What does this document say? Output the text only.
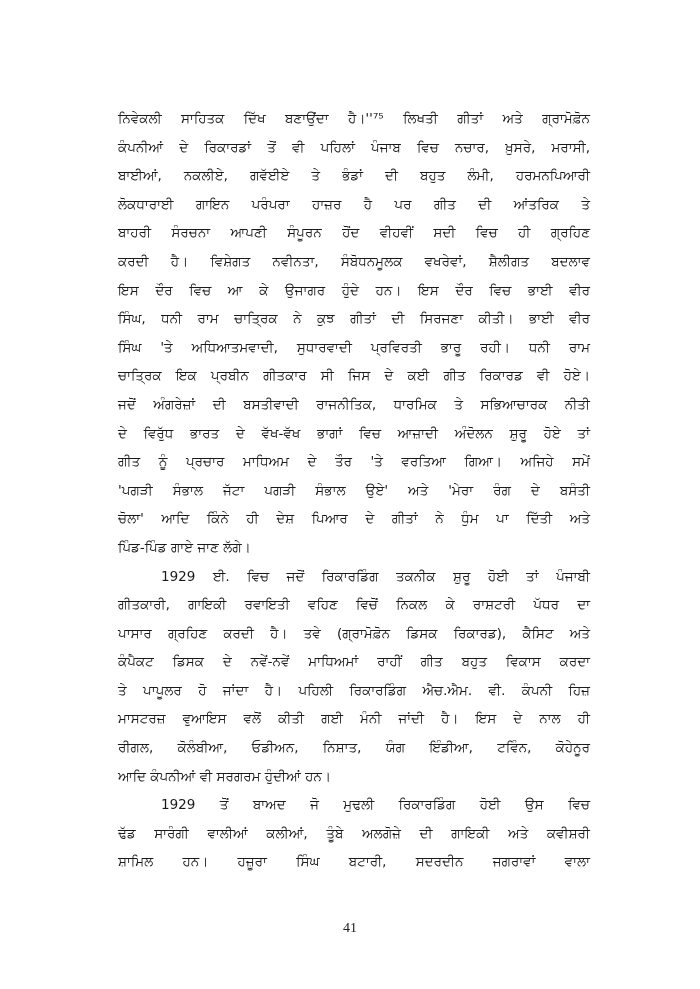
ਨਿਵੇਕਲੀ ਸਾਹਿਤਕ ਦਿੱਖ ਬਣਾਉਂਦਾ ਹੈ।''⁷⁵ ਲਿਖਤੀ ਗੀਤਾਂ ਅਤੇ ਗ੍ਰਾਮੋਫ਼ੋਨ
ਕੰਪਨੀਆਂ ਦੇ ਰਿਕਾਰਡਾਂ ਤੋਂ ਵੀ ਪਹਿਲਾਂ ਪੰਜਾਬ ਵਿਚ ਨਚਾਰ, ਖ਼ੁਸਰੇ, ਮਰਾਸੀ,
ਬਾਈਆਂ, ਨਕਲੀਏ, ਗਵੱਈਏ ਤੇ ਭੰਡਾਂ ਦੀ ਬਹੁਤ ਲੰਮੀ, ਹਰਮਨਪਿਆਰੀ
ਲੋਕਧਾਰਾਈ ਗਾਇਨ ਪਰੰਪਰਾ ਹਾਜ਼ਰ ਹੈ ਪਰ ਗੀਤ ਦੀ ਆਂਤਰਿਕ ਤੇ
ਬਾਹਰੀ ਸੰਰਚਨਾ ਆਪਣੀ ਸੰਪੂਰਨ ਹੋਂਦ ਵੀਹਵੀਂ ਸਦੀ ਵਿਚ ਹੀ ਗ੍ਰਹਿਣ
ਕਰਦੀ ਹੈ। ਵਿਸ਼ੇਗਤ ਨਵੀਨਤਾ, ਸੰਬੋਧਨਮੂਲਕ ਵਖਰੇਵਾਂ, ਸ਼ੈਲੀਗਤ ਬਦਲਾਵ
ਇਸ ਦੌਰ ਵਿਚ ਆ ਕੇ ਉਜਾਗਰ ਹੁੰਦੇ ਹਨ। ਇਸ ਦੌਰ ਵਿਚ ਭਾਈ ਵੀਰ
ਸਿੰਘ, ਧਨੀ ਰਾਮ ਚਾਤ੍ਰਿਕ ਨੇ ਕੁਝ ਗੀਤਾਂ ਦੀ ਸਿਰਜਣਾ ਕੀਤੀ। ਭਾਈ ਵੀਰ
ਸਿੰਘ 'ਤੇ ਅਧਿਆਤਮਵਾਦੀ, ਸੁਧਾਰਵਾਦੀ ਪ੍ਰਵਿਰਤੀ ਭਾਰੂ ਰਹੀ। ਧਨੀ ਰਾਮ
ਚਾਤ੍ਰਿਕ ਇਕ ਪ੍ਰਬੀਨ ਗੀਤਕਾਰ ਸੀ ਜਿਸ ਦੇ ਕਈ ਗੀਤ ਰਿਕਾਰਡ ਵੀ ਹੋਏ।
ਜਦੋਂ ਅੰਗਰੇਜ਼ਾਂ ਦੀ ਬਸਤੀਵਾਦੀ ਰਾਜਨੀਤਿਕ, ਧਾਰਮਿਕ ਤੇ ਸਭਿਆਚਾਰਕ ਨੀਤੀ
ਦੇ ਵਿਰੁੱਧ ਭਾਰਤ ਦੇ ਵੱਖ-ਵੱਖ ਭਾਗਾਂ ਵਿਚ ਆਜ਼ਾਦੀ ਅੰਦੋਲਨ ਸ਼ੁਰੂ ਹੋਏ ਤਾਂ
ਗੀਤ ਨੂੰ ਪ੍ਰਚਾਰ ਮਾਧਿਅਮ ਦੇ ਤੌਰ 'ਤੇ ਵਰਤਿਆ ਗਿਆ। ਅਜਿਹੇ ਸਮੇਂ
'ਪਗੜੀ ਸੰਭਾਲ ਜੱਟਾ ਪਗੜੀ ਸੰਭਾਲ ਉਏ' ਅਤੇ 'ਮੇਰਾ ਰੰਗ ਦੇ ਬਸੰਤੀ
ਚੋਲਾ' ਆਦਿ ਕਿੰਨੇ ਹੀ ਦੇਸ਼ ਪਿਆਰ ਦੇ ਗੀਤਾਂ ਨੇ ਧੁੰਮ ਪਾ ਦਿੱਤੀ ਅਤੇ
ਪਿੰਡ-ਪਿੰਡ ਗਾਏ ਜਾਣ ਲੱਗੇ।
1929 ਈ. ਵਿਚ ਜਦੋਂ ਰਿਕਾਰਡਿੰਗ ਤਕਨੀਕ ਸ਼ੁਰੂ ਹੋਈ ਤਾਂ ਪੰਜਾਬੀ
ਗੀਤਕਾਰੀ, ਗਾਇਕੀ ਰਵਾਇਤੀ ਵਹਿਣ ਵਿਚੋਂ ਨਿਕਲ ਕੇ ਰਾਸ਼ਟਰੀ ਪੱਧਰ ਦਾ
ਪਾਸਾਰ ਗ੍ਰਹਿਣ ਕਰਦੀ ਹੈ। ਤਵੇ (ਗ੍ਰਾਮੋਫ਼ੋਨ ਡਿਸਕ ਰਿਕਾਰਡ), ਕੈਸਿਟ ਅਤੇ
ਕੰਪੈਕਟ ਡਿਸਕ ਦੇ ਨਵੇਂ-ਨਵੇਂ ਮਾਧਿਅਮਾਂ ਰਾਹੀਂ ਗੀਤ ਬਹੁਤ ਵਿਕਾਸ ਕਰਦਾ
ਤੇ ਪਾਪੂਲਰ ਹੋ ਜਾਂਦਾ ਹੈ। ਪਹਿਲੀ ਰਿਕਾਰਡਿੰਗ ਐਚ.ਐਮ. ਵੀ. ਕੰਪਨੀ ਹਿਜ਼
ਮਾਸਟਰਜ਼ ਵੁਆਇਸ ਵਲੋਂ ਕੀਤੀ ਗਈ ਮੰਨੀ ਜਾਂਦੀ ਹੈ। ਇਸ ਦੇ ਨਾਲ ਹੀ
ਰੀਗਲ, ਕੋਲੰਬੀਆ, ਓਡੀਅਨ, ਨਿਸ਼ਾਤ, ਯੰਗ ਇੰਡੀਆ, ਟਵਿੰਨ, ਕੋਹੇਨੂਰ
ਆਦਿ ਕੰਪਨੀਆਂ ਵੀ ਸਰਗਰਮ ਹੁੰਦੀਆਂ ਹਨ।
1929 ਤੋਂ ਬਾਅਦ ਜੋ ਮੁਢਲੀ ਰਿਕਾਰਡਿੰਗ ਹੋਈ ਉਸ ਵਿਚ
ਢੱਡ ਸਾਰੰਗੀ ਵਾਲੀਆਂ ਕਲੀਆਂ, ਤੂੰਬੇ ਅਲਗੋਜ਼ੇ ਦੀ ਗਾਇਕੀ ਅਤੇ ਕਵੀਸ਼ਰੀ
ਸ਼ਾਮਿਲ ਹਨ। ਹਜ਼ੂਰਾ ਸਿੰਘ ਬਟਾਰੀ, ਸਦਰਦੀਨ ਜਗਰਾਵਾਂ ਵਾਲਾ
41
